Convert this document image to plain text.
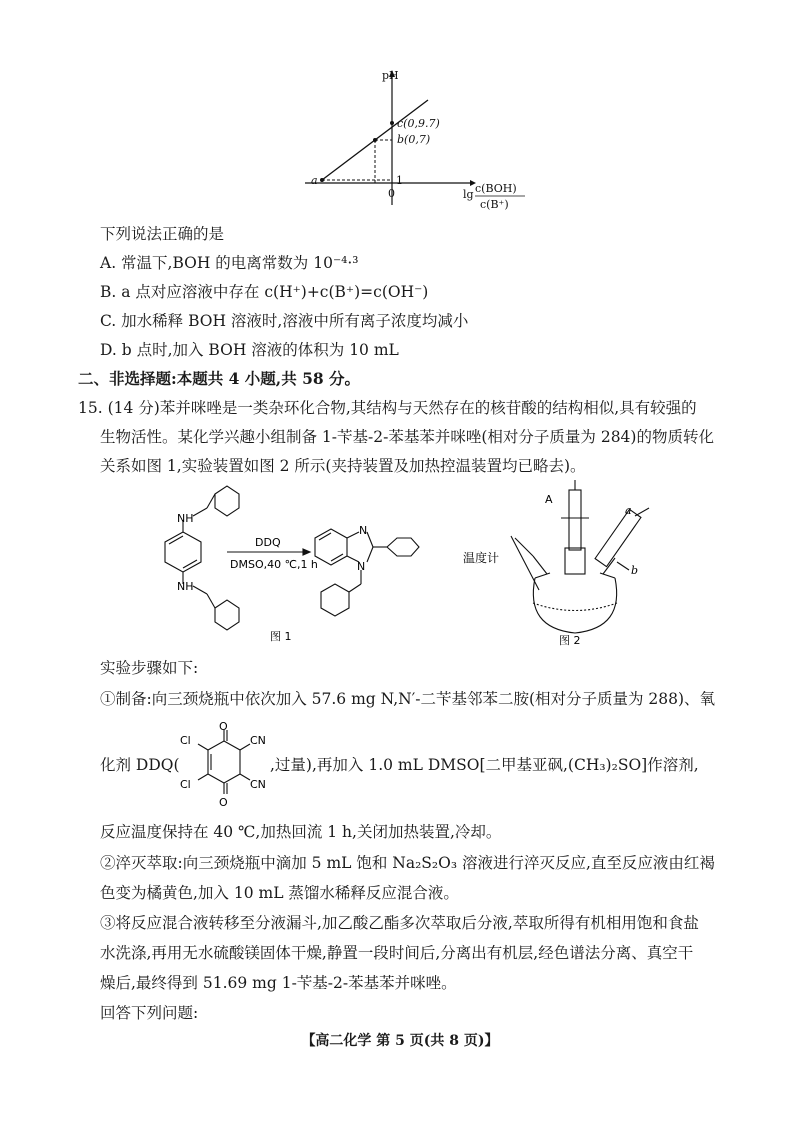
pH
a	1
b(0,7)
c(0,9.7)
0	lg c(BOH)
c(B⁺)
下列说法正确的是
A. 常温下,BOH 的电离常数为 10⁻⁴·³
B. a 点对应溶液中存在 c(H⁺)+c(B⁺)=c(OH⁻)
C. 加水稀释 BOH 溶液时,溶液中所有离子浓度均减小
D. b 点时,加入 BOH 溶液的体积为 10 mL
二、非选择题:本题共 4 小题,共 58 分。
15. (14 分)苯并咪唑是一类杂环化合物,其结构与天然存在的核苷酸的结构相似,具有较强的
生物活性。某化学兴趣小组制备 1-苄基-2-苯基苯并咪唑(相对分子质量为 284)的物质转化
关系如图 1,实验装置如图 2 所示(夹持装置及加热控温装置均已略去)。
NH
NH
N
N
DDQ
DMSO,40 ℃,1 h
图 1
A
a
b
温度计
图 2
实验步骤如下:
①制备:向三颈烧瓶中依次加入 57.6 mg N,N′-二苄基邻苯二胺(相对分子质量为 288)、氧
化剂 DDQ(
O
O
Cl
Cl
CN
CN
,过量),再加入 1.0 mL DMSO[二甲基亚砜,(CH₃)₂SO]作溶剂,
反应温度保持在 40 ℃,加热回流 1 h,关闭加热装置,冷却。
②淬灭萃取:向三颈烧瓶中滴加 5 mL 饱和 Na₂S₂O₃ 溶液进行淬灭反应,直至反应液由红褐
色变为橘黄色,加入 10 mL 蒸馏水稀释反应混合液。
③将反应混合液转移至分液漏斗,加乙酸乙酯多次萃取后分液,萃取所得有机相用饱和食盐
水洗涤,再用无水硫酸镁固体干燥,静置一段时间后,分离出有机层,经色谱法分离、真空干
燥后,最终得到 51.69 mg 1-苄基-2-苯基苯并咪唑。
回答下列问题:
【高二化学 第 5 页(共 8 页)】
